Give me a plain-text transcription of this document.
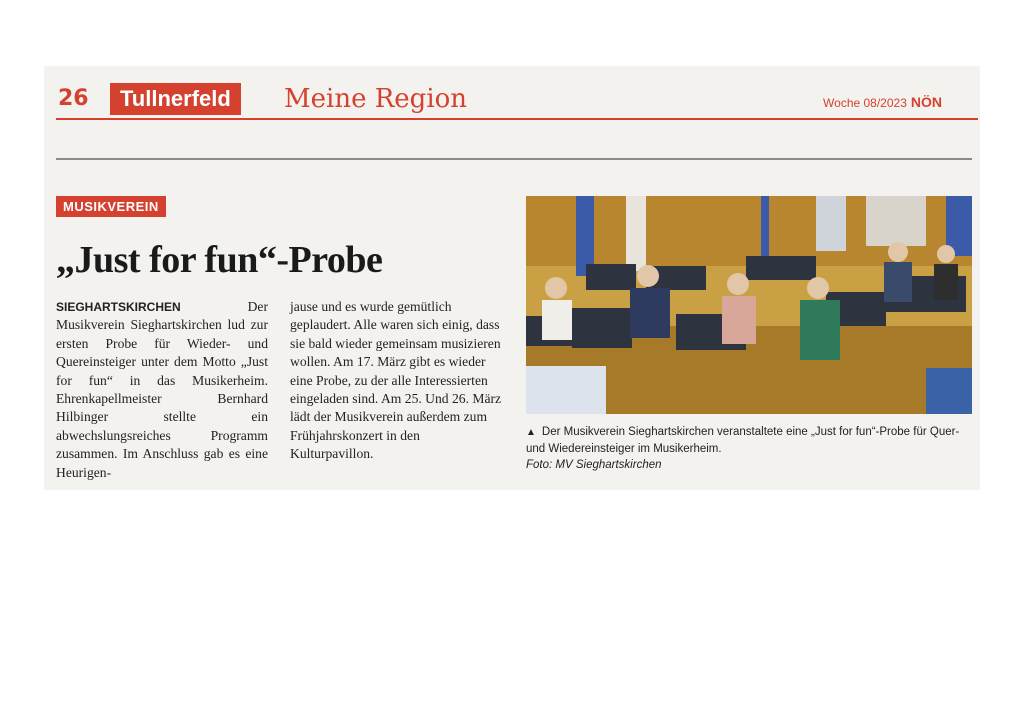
26	Tullnerfeld	Meine Region	Woche 08/2023 NÖN
MUSIKVEREIN
„Just for fun“-Probe
SIEGHARTSKIRCHEN Der Musikverein Sieghartskirchen lud zur ersten Probe für Wieder- und Quereinsteiger unter dem Motto „Just for fun“ in das Musikerheim. Ehrenkapellmeister Bernhard Hilbinger stellte ein abwechslungsreiches Programm zusammen. Im Anschluss gab es eine Heurigen-
jause und es wurde gemütlich geplaudert. Alle waren sich einig, dass sie bald wieder gemeinsam musizieren wollen. Am 17. März gibt es wieder eine Probe, zu der alle Interessierten eingeladen sind. Am 25. Und 26. März lädt der Musikverein außerdem zum Frühjahrskonzert in den Kulturpavillon.
▲ Der Musikverein Sieghartskirchen veranstaltete eine „Just for fun“-Probe für Quer- und Wiedereinsteiger im Musikerheim.
Foto: MV Sieghartskirchen
